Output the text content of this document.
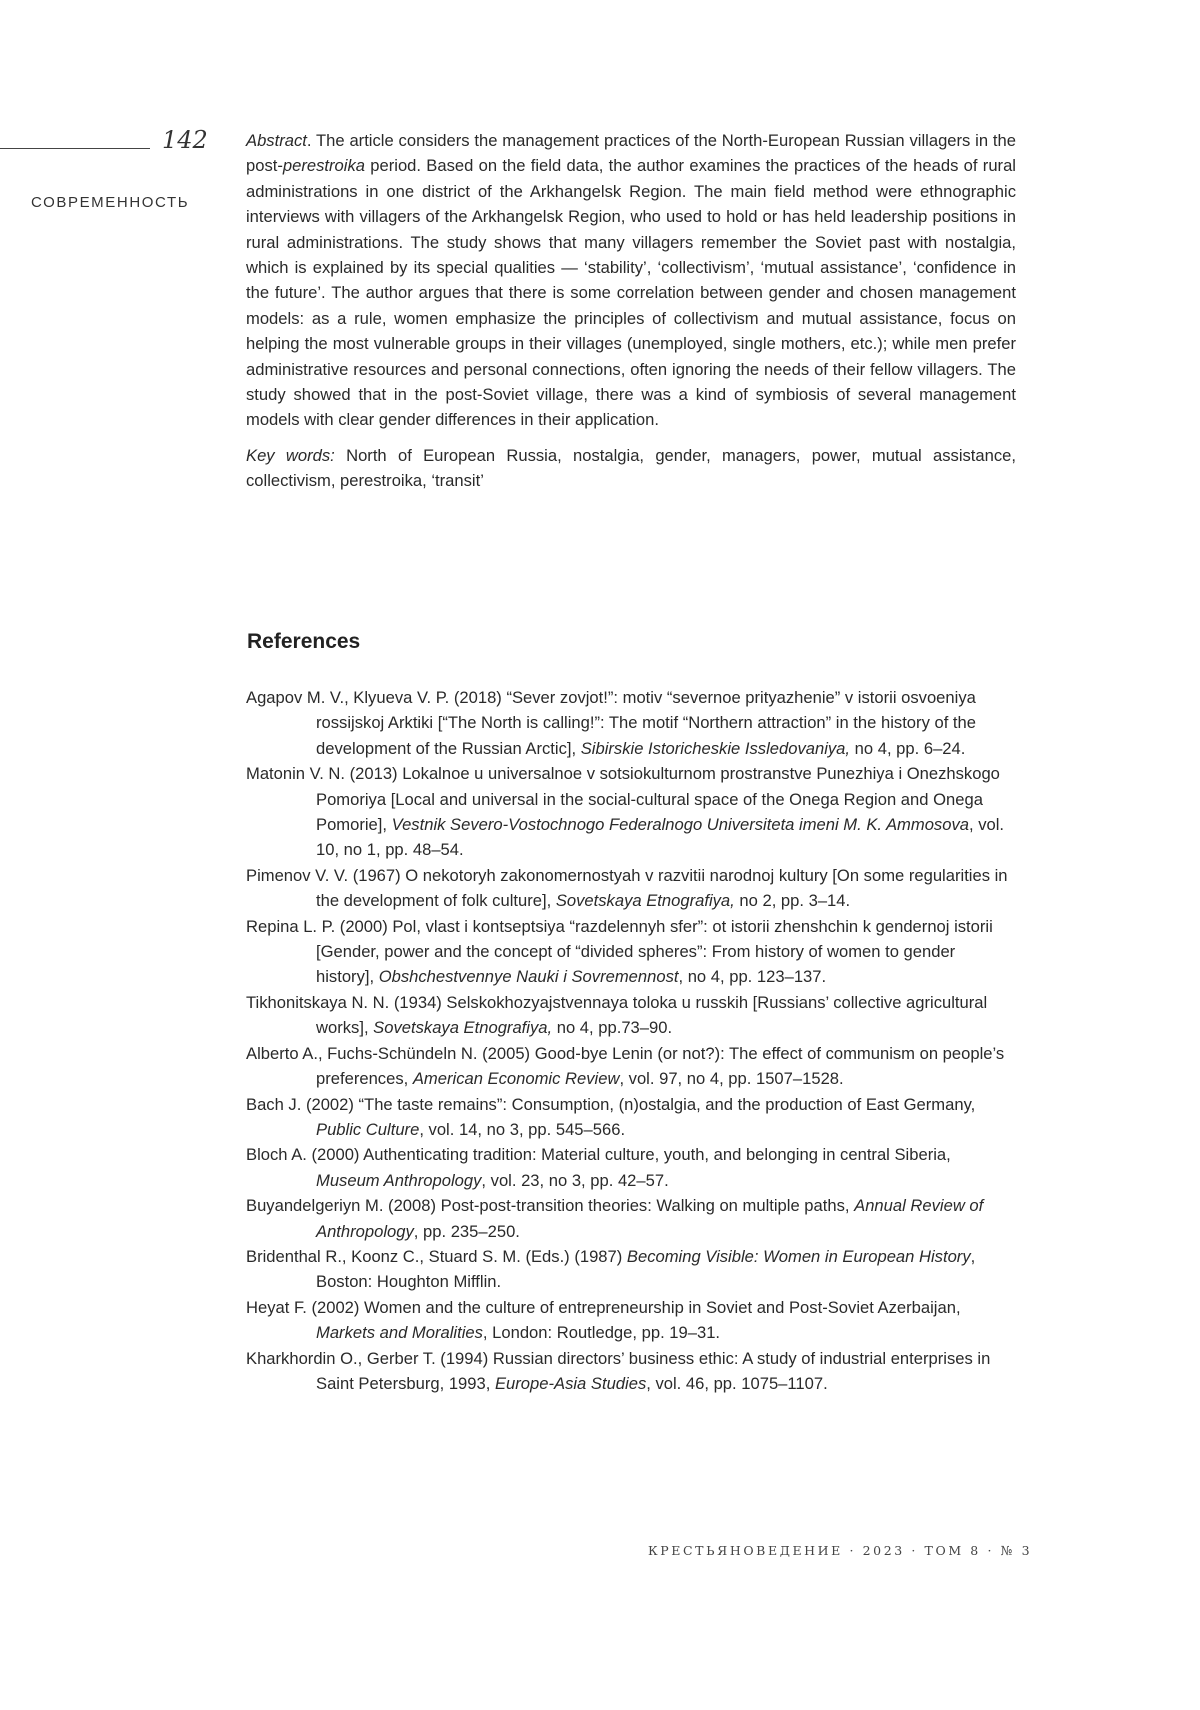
142
СОВРЕМЕННОСТЬ

Abstract. The article considers the management practices of the North-European Russian villagers in the post-perestroika period. Based on the field data, the author examines the practices of the heads of rural administrations in one district of the Arkhangelsk Region. The main field method were ethnographic interviews with villagers of the Arkhangelsk Region, who used to hold or has held leadership positions in rural administrations. The study shows that many villagers remember the Soviet past with nostalgia, which is explained by its special qualities — ‘stability’, ‘collectivism’, ‘mutual assistance’, ‘confidence in the future’. The author argues that there is some correlation between gender and chosen management models: as a rule, women emphasize the principles of collectivism and mutual assistance, focus on helping the most vulnerable groups in their villages (unemployed, single mothers, etc.); while men prefer administrative resources and personal connections, often ignoring the needs of their fellow villagers. The study showed that in the post-Soviet village, there was a kind of symbiosis of several management models with clear gender differences in their application.

Key words: North of European Russia, nostalgia, gender, managers, power, mutual assistance, collectivism, perestroika, ‘transit’

References

Agapov M. V., Klyueva V. P. (2018) “Sever zovjot!”: motiv “severnoe prityazhenie” v istorii osvoeniya rossijskoj Arktiki [“The North is calling!”: The motif “Northern attraction” in the history of the development of the Russian Arctic], Sibirskie Istoricheskie Issledovaniya, no 4, pp. 6–24.

Matonin V. N. (2013) Lokalnoe u universalnoe v sotsiokulturnom prostranstve Punezhiya i Onezhskogo Pomoriya [Local and universal in the social-cultural space of the Onega Region and Onega Pomorie], Vestnik Severo-Vostochnogo Federalnogo Universiteta imeni M. K. Ammosova, vol. 10, no 1, pp. 48–54.

Pimenov V. V. (1967) O nekotoryh zakonomernostyah v razvitii narodnoj kultury [On some regularities in the development of folk culture], Sovetskaya Etnografiya, no 2, pp. 3–14.

Repina L. P. (2000) Pol, vlast i kontseptsiya “razdelennyh sfer”: ot istorii zhenshchin k gendernoj istorii [Gender, power and the concept of “divided spheres”: From history of women to gender history], Obshchestvennye Nauki i Sovremennost, no 4, pp. 123–137.

Tikhonitskaya N. N. (1934) Selskokhozyajstvennaya toloka u russkih [Russians’ collective agricultural works], Sovetskaya Etnografiya, no 4, pp.73–90.

Alberto A., Fuchs-Schündeln N. (2005) Good-bye Lenin (or not?): The effect of communism on people’s preferences, American Economic Review, vol. 97, no 4, pp. 1507–1528.

Bach J. (2002) “The taste remains”: Consumption, (n)ostalgia, and the production of East Germany, Public Culture, vol. 14, no 3, pp. 545–566.

Bloch A. (2000) Authenticating tradition: Material culture, youth, and belonging in central Siberia, Museum Anthropology, vol. 23, no 3, pp. 42–57.

Buyandelgeriyn M. (2008) Post-post-transition theories: Walking on multiple paths, Annual Review of Anthropology, pp. 235–250.

Bridenthal R., Koonz C., Stuard S. M. (Eds.) (1987) Becoming Visible: Women in European History, Boston: Houghton Mifflin.

Heyat F. (2002) Women and the culture of entrepreneurship in Soviet and Post-Soviet Azerbaijan, Markets and Moralities, London: Routledge, pp. 19–31.

Kharkhordin O., Gerber T. (1994) Russian directors’ business ethic: A study of industrial enterprises in Saint Petersburg, 1993, Europe-Asia Studies, vol. 46, pp. 1075–1107.

КРЕСТЬЯНОВЕДЕНИЕ · 2023 · ТОМ 8 · № 3
